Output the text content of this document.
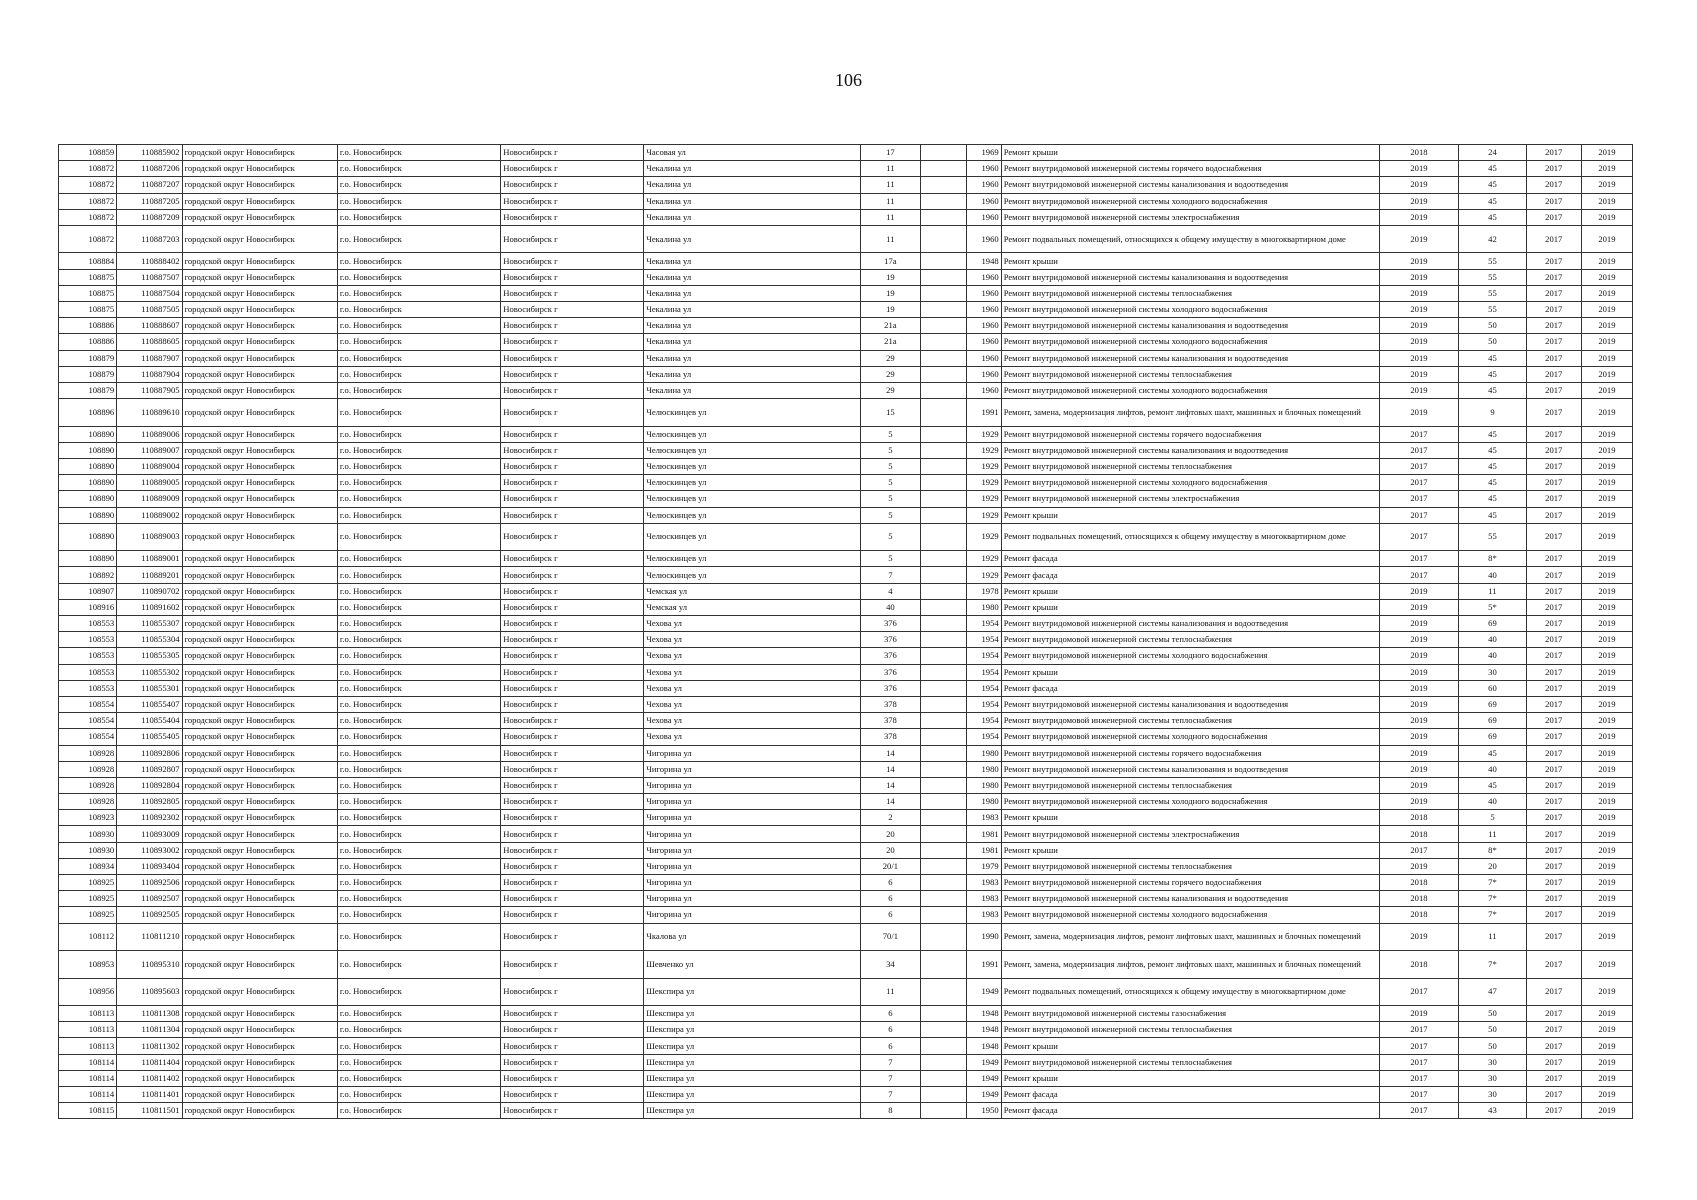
106
108859	110885902	городской округ Новосибирск	г.о. Новосибирск	Новосибирск г	Часовая ул	17		1969	Ремонт крыши	2018	24	2017	2019
108872	110887206	городской округ Новосибирск	г.о. Новосибирск	Новосибирск г	Чекалина ул	11		1960	Ремонт внутридомовой инженерной системы горячего водоснабжения	2019	45	2017	2019
108872	110887207	городской округ Новосибирск	г.о. Новосибирск	Новосибирск г	Чекалина ул	11		1960	Ремонт внутридомовой инженерной системы канализования и водоотведения	2019	45	2017	2019
108872	110887205	городской округ Новосибирск	г.о. Новосибирск	Новосибирск г	Чекалина ул	11		1960	Ремонт внутридомовой инженерной системы холодного водоснабжения	2019	45	2017	2019
108872	110887209	городской округ Новосибирск	г.о. Новосибирск	Новосибирск г	Чекалина ул	11		1960	Ремонт внутридомовой инженерной системы электроснабжения	2019	45	2017	2019
108872	110887203	городской округ Новосибирск	г.о. Новосибирск	Новосибирск г	Чекалина ул	11		1960	Ремонт подвальных помещений, относящихся к общему имуществу в многоквартирном доме	2019	42	2017	2019
108884	110888402	городской округ Новосибирск	г.о. Новосибирск	Новосибирск г	Чекалина ул	17а		1948	Ремонт крыши	2019	55	2017	2019
108875	110887507	городской округ Новосибирск	г.о. Новосибирск	Новосибирск г	Чекалина ул	19		1960	Ремонт внутридомовой инженерной системы канализования и водоотведения	2019	55	2017	2019
108875	110887504	городской округ Новосибирск	г.о. Новосибирск	Новосибирск г	Чекалина ул	19		1960	Ремонт внутридомовой инженерной системы теплоснабжения	2019	55	2017	2019
108875	110887505	городской округ Новосибирск	г.о. Новосибирск	Новосибирск г	Чекалина ул	19		1960	Ремонт внутридомовой инженерной системы холодного водоснабжения	2019	55	2017	2019
108886	110888607	городской округ Новосибирск	г.о. Новосибирск	Новосибирск г	Чекалина ул	21а		1960	Ремонт внутридомовой инженерной системы канализования и водоотведения	2019	50	2017	2019
108886	110888605	городской округ Новосибирск	г.о. Новосибирск	Новосибирск г	Чекалина ул	21а		1960	Ремонт внутридомовой инженерной системы холодного водоснабжения	2019	50	2017	2019
108879	110887907	городской округ Новосибирск	г.о. Новосибирск	Новосибирск г	Чекалина ул	29		1960	Ремонт внутридомовой инженерной системы канализования и водоотведения	2019	45	2017	2019
108879	110887904	городской округ Новосибирск	г.о. Новосибирск	Новосибирск г	Чекалина ул	29		1960	Ремонт внутридомовой инженерной системы теплоснабжения	2019	45	2017	2019
108879	110887905	городской округ Новосибирск	г.о. Новосибирск	Новосибирск г	Чекалина ул	29		1960	Ремонт внутридомовой инженерной системы холодного водоснабжения	2019	45	2017	2019
108896	110889610	городской округ Новосибирск	г.о. Новосибирск	Новосибирск г	Челюскинцев ул	15		1991	Ремонт, замена, модернизация лифтов, ремонт лифтовых шахт, машинных и блочных помещений	2019	9	2017	2019
108890	110889006	городской округ Новосибирск	г.о. Новосибирск	Новосибирск г	Челюскинцев ул	5		1929	Ремонт внутридомовой инженерной системы горячего водоснабжения	2017	45	2017	2019
108890	110889007	городской округ Новосибирск	г.о. Новосибирск	Новосибирск г	Челюскинцев ул	5		1929	Ремонт внутридомовой инженерной системы канализования и водоотведения	2017	45	2017	2019
108890	110889004	городской округ Новосибирск	г.о. Новосибирск	Новосибирск г	Челюскинцев ул	5		1929	Ремонт внутридомовой инженерной системы теплоснабжения	2017	45	2017	2019
108890	110889005	городской округ Новосибирск	г.о. Новосибирск	Новосибирск г	Челюскинцев ул	5		1929	Ремонт внутридомовой инженерной системы холодного водоснабжения	2017	45	2017	2019
108890	110889009	городской округ Новосибирск	г.о. Новосибирск	Новосибирск г	Челюскинцев ул	5		1929	Ремонт внутридомовой инженерной системы электроснабжения	2017	45	2017	2019
108890	110889002	городской округ Новосибирск	г.о. Новосибирск	Новосибирск г	Челюскинцев ул	5		1929	Ремонт крыши	2017	45	2017	2019
108890	110889003	городской округ Новосибирск	г.о. Новосибирск	Новосибирск г	Челюскинцев ул	5		1929	Ремонт подвальных помещений, относящихся к общему имуществу в многоквартирном доме	2017	55	2017	2019
108890	110889001	городской округ Новосибирск	г.о. Новосибирск	Новосибирск г	Челюскинцев ул	5		1929	Ремонт фасада	2017	8*	2017	2019
108892	110889201	городской округ Новосибирск	г.о. Новосибирск	Новосибирск г	Челюскинцев ул	7		1929	Ремонт фасада	2017	40	2017	2019
108907	110890702	городской округ Новосибирск	г.о. Новосибирск	Новосибирск г	Чемская ул	4		1978	Ремонт крыши	2019	11	2017	2019
108916	110891602	городской округ Новосибирск	г.о. Новосибирск	Новосибирск г	Чемская ул	40		1980	Ремонт крыши	2019	5*	2017	2019
108553	110855307	городской округ Новосибирск	г.о. Новосибирск	Новосибирск г	Чехова ул	376		1954	Ремонт внутридомовой инженерной системы канализования и водоотведения	2019	69	2017	2019
108553	110855304	городской округ Новосибирск	г.о. Новосибирск	Новосибирск г	Чехова ул	376		1954	Ремонт внутридомовой инженерной системы теплоснабжения	2019	40	2017	2019
108553	110855305	городской округ Новосибирск	г.о. Новосибирск	Новосибирск г	Чехова ул	376		1954	Ремонт внутридомовой инженерной системы холодного водоснабжения	2019	40	2017	2019
108553	110855302	городской округ Новосибирск	г.о. Новосибирск	Новосибирск г	Чехова ул	376		1954	Ремонт крыши	2019	30	2017	2019
108553	110855301	городской округ Новосибирск	г.о. Новосибирск	Новосибирск г	Чехова ул	376		1954	Ремонт фасада	2019	60	2017	2019
108554	110855407	городской округ Новосибирск	г.о. Новосибирск	Новосибирск г	Чехова ул	378		1954	Ремонт внутридомовой инженерной системы канализования и водоотведения	2019	69	2017	2019
108554	110855404	городской округ Новосибирск	г.о. Новосибирск	Новосибирск г	Чехова ул	378		1954	Ремонт внутридомовой инженерной системы теплоснабжения	2019	69	2017	2019
108554	110855405	городской округ Новосибирск	г.о. Новосибирск	Новосибирск г	Чехова ул	378		1954	Ремонт внутридомовой инженерной системы холодного водоснабжения	2019	69	2017	2019
108928	110892806	городской округ Новосибирск	г.о. Новосибирск	Новосибирск г	Чигорина ул	14		1980	Ремонт внутридомовой инженерной системы горячего водоснабжения	2019	45	2017	2019
108928	110892807	городской округ Новосибирск	г.о. Новосибирск	Новосибирск г	Чигорина ул	14		1980	Ремонт внутридомовой инженерной системы канализования и водоотведения	2019	40	2017	2019
108928	110892804	городской округ Новосибирск	г.о. Новосибирск	Новосибирск г	Чигорина ул	14		1980	Ремонт внутридомовой инженерной системы теплоснабжения	2019	45	2017	2019
108928	110892805	городской округ Новосибирск	г.о. Новосибирск	Новосибирск г	Чигорина ул	14		1980	Ремонт внутридомовой инженерной системы холодного водоснабжения	2019	40	2017	2019
108923	110892302	городской округ Новосибирск	г.о. Новосибирск	Новосибирск г	Чигорина ул	2		1983	Ремонт крыши	2018	5	2017	2019
108930	110893009	городской округ Новосибирск	г.о. Новосибирск	Новосибирск г	Чигорина ул	20		1981	Ремонт внутридомовой инженерной системы электроснабжения	2018	11	2017	2019
108930	110893002	городской округ Новосибирск	г.о. Новосибирск	Новосибирск г	Чигорина ул	20		1981	Ремонт крыши	2017	8*	2017	2019
108934	110893404	городской округ Новосибирск	г.о. Новосибирск	Новосибирск г	Чигорина ул	20/1		1979	Ремонт внутридомовой инженерной системы теплоснабжения	2019	20	2017	2019
108925	110892506	городской округ Новосибирск	г.о. Новосибирск	Новосибирск г	Чигорина ул	6		1983	Ремонт внутридомовой инженерной системы горячего водоснабжения	2018	7*	2017	2019
108925	110892507	городской округ Новосибирск	г.о. Новосибирск	Новосибирск г	Чигорина ул	6		1983	Ремонт внутридомовой инженерной системы канализования и водоотведения	2018	7*	2017	2019
108925	110892505	городской округ Новосибирск	г.о. Новосибирск	Новосибирск г	Чигорина ул	6		1983	Ремонт внутридомовой инженерной системы холодного водоснабжения	2018	7*	2017	2019
108112	110811210	городской округ Новосибирск	г.о. Новосибирск	Новосибирск г	Чкалова ул	70/1		1990	Ремонт, замена, модернизация лифтов, ремонт лифтовых шахт, машинных и блочных помещений	2019	11	2017	2019
108953	110895310	городской округ Новосибирск	г.о. Новосибирск	Новосибирск г	Шевченко ул	34		1991	Ремонт, замена, модернизация лифтов, ремонт лифтовых шахт, машинных и блочных помещений	2018	7*	2017	2019
108956	110895603	городской округ Новосибирск	г.о. Новосибирск	Новосибирск г	Шекспира ул	11		1949	Ремонт подвальных помещений, относящихся к общему имуществу в многоквартирном доме	2017	47	2017	2019
108113	110811308	городской округ Новосибирск	г.о. Новосибирск	Новосибирск г	Шекспира ул	6		1948	Ремонт внутридомовой инженерной системы газоснабжения	2019	50	2017	2019
108113	110811304	городской округ Новосибирск	г.о. Новосибирск	Новосибирск г	Шекспира ул	6		1948	Ремонт внутридомовой инженерной системы теплоснабжения	2017	50	2017	2019
108113	110811302	городской округ Новосибирск	г.о. Новосибирск	Новосибирск г	Шекспира ул	6		1948	Ремонт крыши	2017	50	2017	2019
108114	110811404	городской округ Новосибирск	г.о. Новосибирск	Новосибирск г	Шекспира ул	7		1949	Ремонт внутридомовой инженерной системы теплоснабжения	2017	30	2017	2019
108114	110811402	городской округ Новосибирск	г.о. Новосибирск	Новосибирск г	Шекспира ул	7		1949	Ремонт крыши	2017	30	2017	2019
108114	110811401	городской округ Новосибирск	г.о. Новосибирск	Новосибирск г	Шекспира ул	7		1949	Ремонт фасада	2017	30	2017	2019
108115	110811501	городской округ Новосибирск	г.о. Новосибирск	Новосибирск г	Шекспира ул	8		1950	Ремонт фасада	2017	43	2017	2019
